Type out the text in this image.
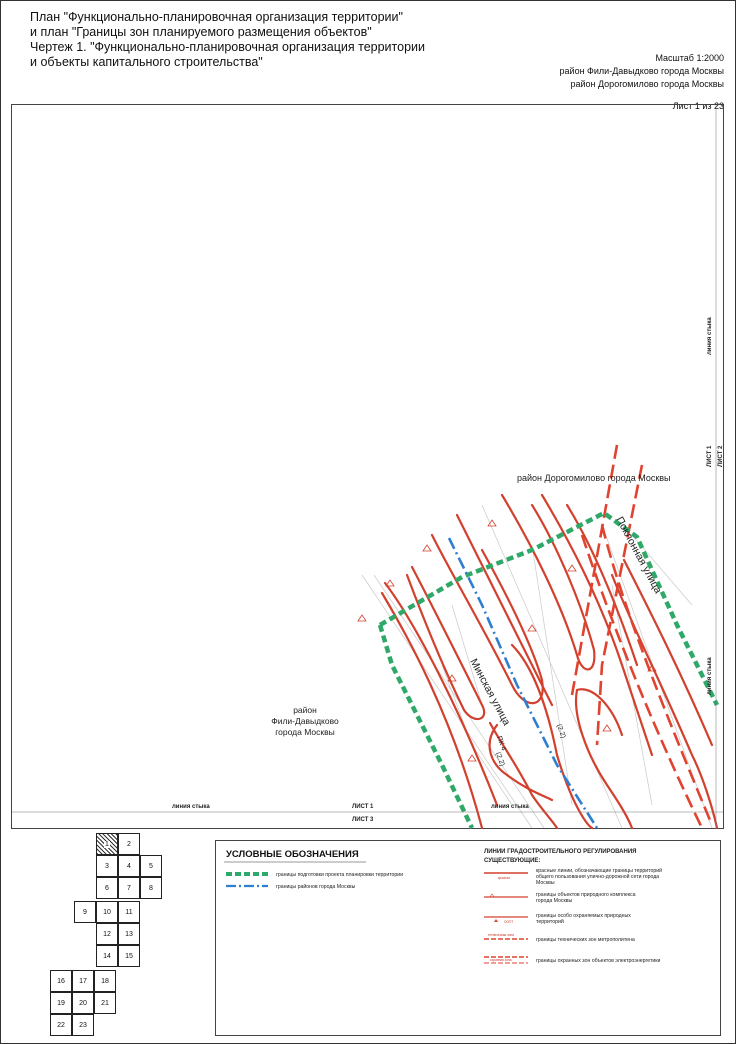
План "Функционально-планировочная организация территории"
и план "Границы зон планируемого размещения объектов"
Чертеж 1. "Функционально-планировочная организация территории
и объекты капитального строительства"	Масштаб 1:2000
район Фили-Давыдково города Москвы
район Дорогомилово города Москвы
Лист 1 из 23
район Дорогомилово города Москвы
район
Фили-Давыдково
города Москвы
Минская улица
Поклонная улица
ПК 4
(2.2)
(2.2)
линия стыка	линия стыка
ЛИСТ 1
ЛИСТ 3
линия стыка
ЛИСТ 1 ЛИСТ 2
линия стыка
1	2
3	4	5
6	7	8
9 10 11
12 13
14 15
16 17 18
19 20 21
22 23
УСЛОВНЫЕ ОБОЗНАЧЕНИЯ
границы подготовки проекта планировки территории
границы районов города Москвы
ЛИНИИ ГРАДОСТРОИТЕЛЬНОГО РЕГУЛИРОВАНИЯ
СУЩЕСТВУЮЩИЕ:
красная
красные линии, обозначающие границы территорий
общего пользования улично-дорожной сети города
Москвы
границы объектов природного комплекса
города Москвы
ООПТ
границы особо охраняемых природных
территорий
техническая зона
границы технических зон метрополитена
охранная зона	границы охранных зон объектов электроэнергетики
